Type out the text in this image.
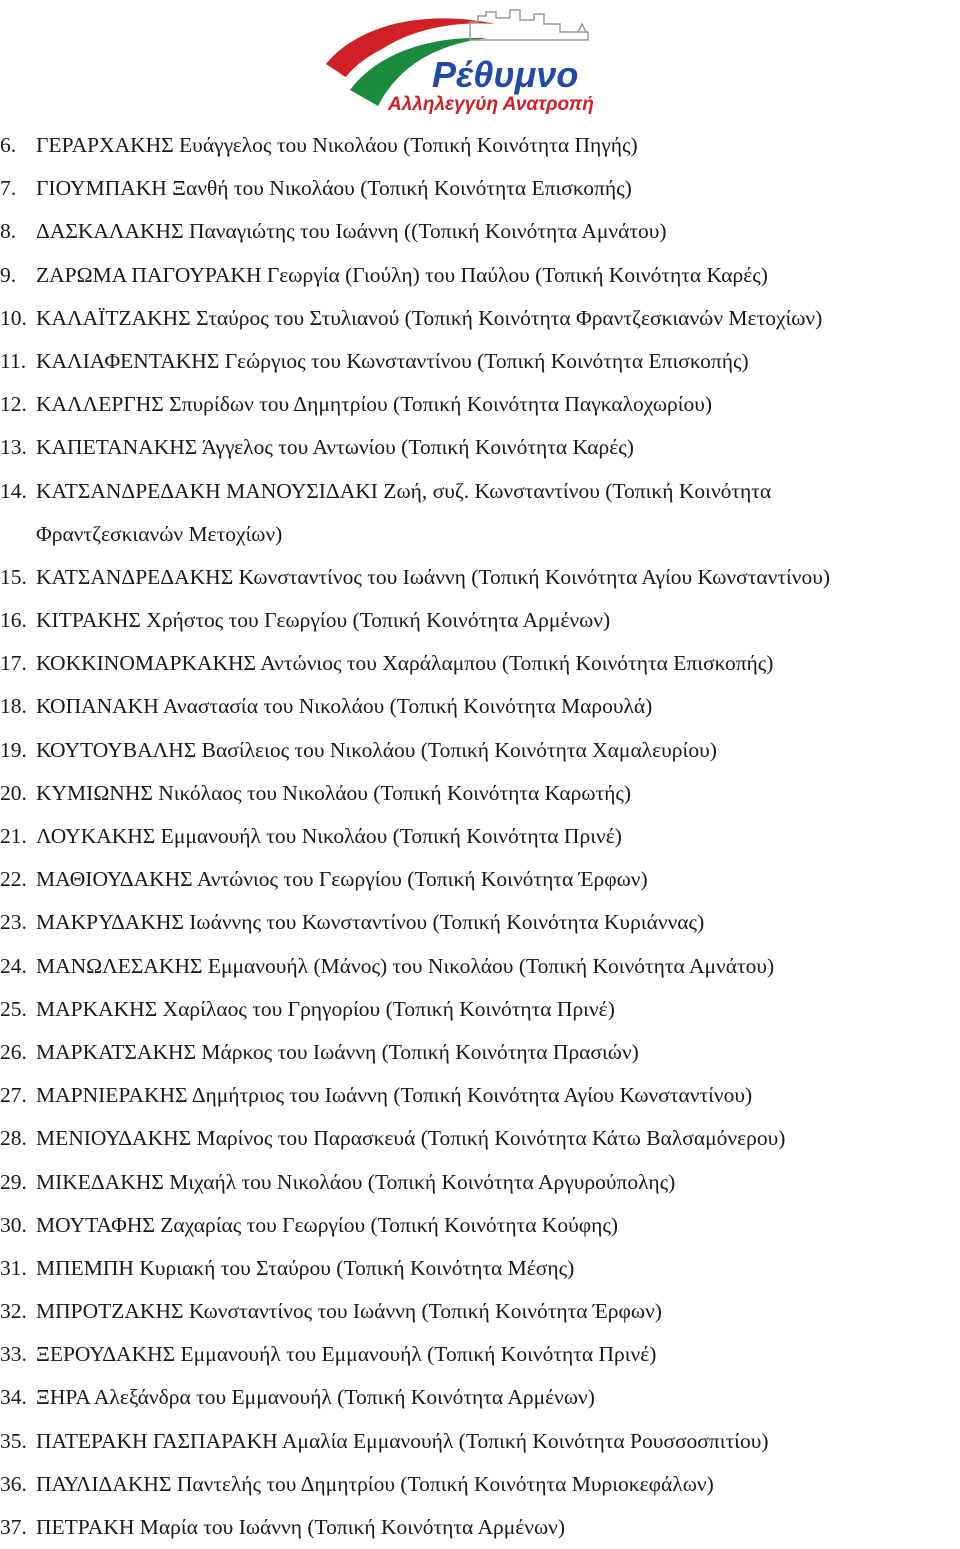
Ρέθυμνο
Αλληλεγγύη Ανατροπή
6. ΓΕΡΑΡΧΑΚΗΣ Ευάγγελος του Νικολάου (Τοπική Κοινότητα Πηγής)
7. ΓΙΟΥΜΠΑΚΗ Ξανθή του Νικολάου (Τοπική Κοινότητα Επισκοπής)
8. ΔΑΣΚΑΛΑΚΗΣ Παναγιώτης του Ιωάννη ((Τοπική Κοινότητα Αμνάτου)
9. ΖΑΡΩΜΑ ΠΑΓΟΥΡΑΚΗ Γεωργία (Γιούλη) του Παύλου (Τοπική Κοινότητα Καρές)
10. ΚΑΛΑΪΤΖΑΚΗΣ Σταύρος του Στυλιανού (Τοπική Κοινότητα Φραντζεσκιανών Μετοχίων)
11. ΚΑΛΙΑΦΕΝΤΑΚΗΣ Γεώργιος του Κωνσταντίνου (Τοπική Κοινότητα Επισκοπής)
12. ΚΑΛΛΕΡΓΗΣ Σπυρίδων του Δημητρίου (Τοπική Κοινότητα Παγκαλοχωρίου)
13. ΚΑΠΕΤΑΝΑΚΗΣ Άγγελος του Αντωνίου (Τοπική Κοινότητα Καρές)
14. ΚΑΤΣΑΝΔΡΕΔΑΚΗ ΜΑΝΟΥΣΙΔΑΚΙ Ζωή, συζ. Κωνσταντίνου (Τοπική Κοινότητα Φραντζεσκιανών Μετοχίων)
15. ΚΑΤΣΑΝΔΡΕΔΑΚΗΣ Κωνσταντίνος του Ιωάννη (Τοπική Κοινότητα Αγίου Κωνσταντίνου)
16. ΚΙΤΡΑΚΗΣ Χρήστος του Γεωργίου (Τοπική Κοινότητα Αρμένων)
17. ΚΟΚΚΙΝΟΜΑΡΚΑΚΗΣ Αντώνιος του Χαράλαμπου (Τοπική Κοινότητα Επισκοπής)
18. ΚΟΠΑΝΑΚΗ Αναστασία του Νικολάου (Τοπική Κοινότητα Μαρουλά)
19. ΚΟΥΤΟΥΒΑΛΗΣ Βασίλειος του Νικολάου (Τοπική Κοινότητα Χαμαλευρίου)
20. ΚΥΜΙΩΝΗΣ Νικόλαος του Νικολάου (Τοπική Κοινότητα Καρωτής)
21. ΛΟΥΚΑΚΗΣ Εμμανουήλ του Νικολάου (Τοπική Κοινότητα Πρινέ)
22. ΜΑΘΙΟΥΔΑΚΗΣ Αντώνιος του Γεωργίου (Τοπική Κοινότητα Έρφων)
23. ΜΑΚΡΥΔΑΚΗΣ Ιωάννης του Κωνσταντίνου (Τοπική Κοινότητα Κυριάννας)
24. ΜΑΝΩΛΕΣΑΚΗΣ Εμμανουήλ (Μάνος) του Νικολάου (Τοπική Κοινότητα Αμνάτου)
25. ΜΑΡΚΑΚΗΣ Χαρίλαος του Γρηγορίου (Τοπική Κοινότητα Πρινέ)
26. ΜΑΡΚΑΤΣΑΚΗΣ Μάρκος του Ιωάννη (Τοπική Κοινότητα Πρασιών)
27. ΜΑΡΝΙΕΡΑΚΗΣ Δημήτριος του Ιωάννη (Τοπική Κοινότητα Αγίου Κωνσταντίνου)
28. ΜΕΝΙΟΥΔΑΚΗΣ Μαρίνος του Παρασκευά (Τοπική Κοινότητα Κάτω Βαλσαμόνερου)
29. ΜΙΚΕΔΑΚΗΣ Μιχαήλ του Νικολάου (Τοπική Κοινότητα Αργυρούπολης)
30. ΜΟΥΤΑΦΗΣ Ζαχαρίας του Γεωργίου (Τοπική Κοινότητα Κούφης)
31. ΜΠΕΜΠΗ Κυριακή του Σταύρου (Τοπική Κοινότητα Μέσης)
32. ΜΠΡΟΤΖΑΚΗΣ Κωνσταντίνος του Ιωάννη (Τοπική Κοινότητα Έρφων)
33. ΞΕΡΟΥΔΑΚΗΣ Εμμανουήλ του Εμμανουήλ (Τοπική Κοινότητα Πρινέ)
34. ΞΗΡΑ Αλεξάνδρα του Εμμανουήλ (Τοπική Κοινότητα Αρμένων)
35. ΠΑΤΕΡΑΚΗ ΓΑΣΠΑΡΑΚΗ Αμαλία Εμμανουήλ (Τοπική Κοινότητα Ρουσσοσπιτίου)
36. ΠΑΥΛΙΔΑΚΗΣ Παντελής του Δημητρίου (Τοπική Κοινότητα Μυριοκεφάλων)
37. ΠΕΤΡΑΚΗ Μαρία του Ιωάννη (Τοπική Κοινότητα Αρμένων)
